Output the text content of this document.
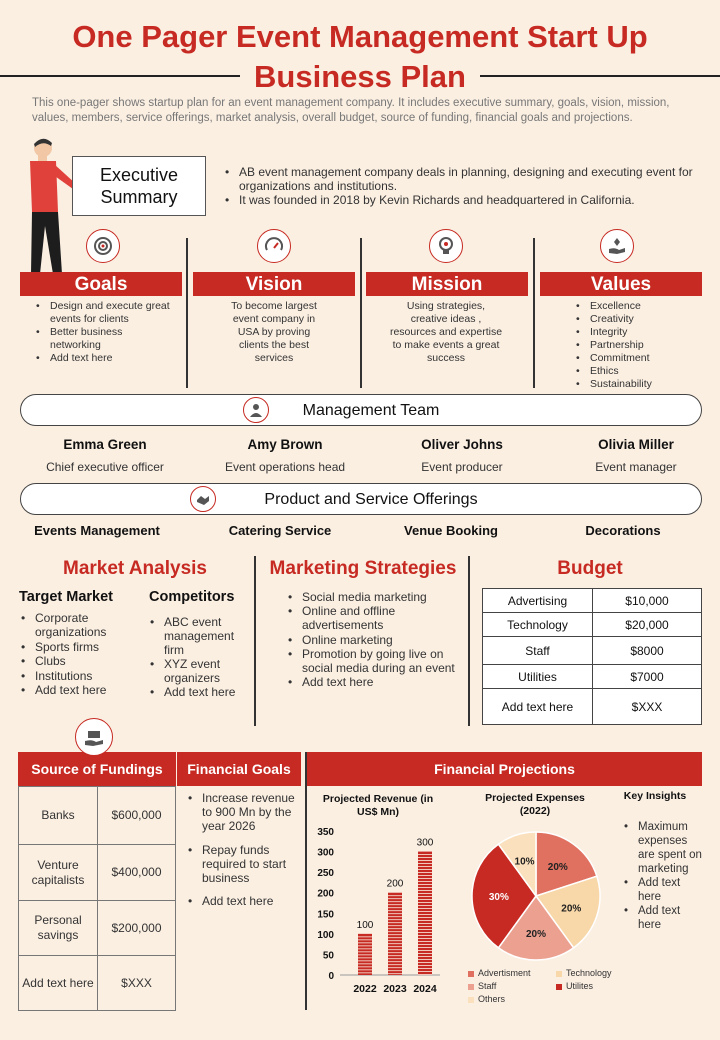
One Pager Event Management Start Up
Business Plan
This one-pager shows startup plan for an event management company. It includes executive summary, goals, vision, mission, values, members, service offerings, market analysis, overall budget, source of funding, financial goals and projections.
Executive
Summary
• AB event management company deals in planning, designing and executing event for organizations and institutions.
• It was founded in 2018 by Kevin Richards and headquartered in California.
Goals	Vision	Mission	Values
• Design and execute great events for clients
• Better business networking
• Add text here
To become largest event company in USA by proving clients the best services
Using strategies, creative ideas , resources and expertise to make events a great success
• Excellence
• Creativity
• Integrity
• Partnership
• Commitment
• Ethics
• Sustainability
Management Team
Emma Green
Chief executive officer
Amy Brown
Event operations head
Oliver Johns
Event producer
Olivia Miller
Event manager
Product and Service Offerings
Events Management	Catering Service	Venue Booking	Decorations
Market Analysis
Target Market
• Corporate organizations
• Sports firms
• Clubs
• Institutions
• Add text here
Competitors
• ABC event management firm
• XYZ event organizers
• Add text here
Marketing Strategies
• Social media marketing
• Online and offline advertisements
• Online marketing
• Promotion by going live on social media during an event
• Add text here
Budget
Advertising	$10,000
Technology	$20,000
Staff	$8000
Utilities	$7000
Add text here	$XXX
Source of Fundings
Banks	$600,000
Venture capitalists	$400,000
Personal savings	$200,000
Add text here	$XXX
Financial Goals
• Increase revenue to 900 Mn by the year 2026
• Repay funds required to start business
• Add text here
Financial Projections
Projected Revenue (in US$ Mn)
0
50
100
150
200
250
300
350
100
2022
200
2023
300
2024
Projected Expenses (2022)
20%
20%
20%
30%
10%
Advertisment	Technology
Staff	Utilites
Others
Key Insights
• Maximum expenses are spent on marketing
• Add text here
• Add text here
